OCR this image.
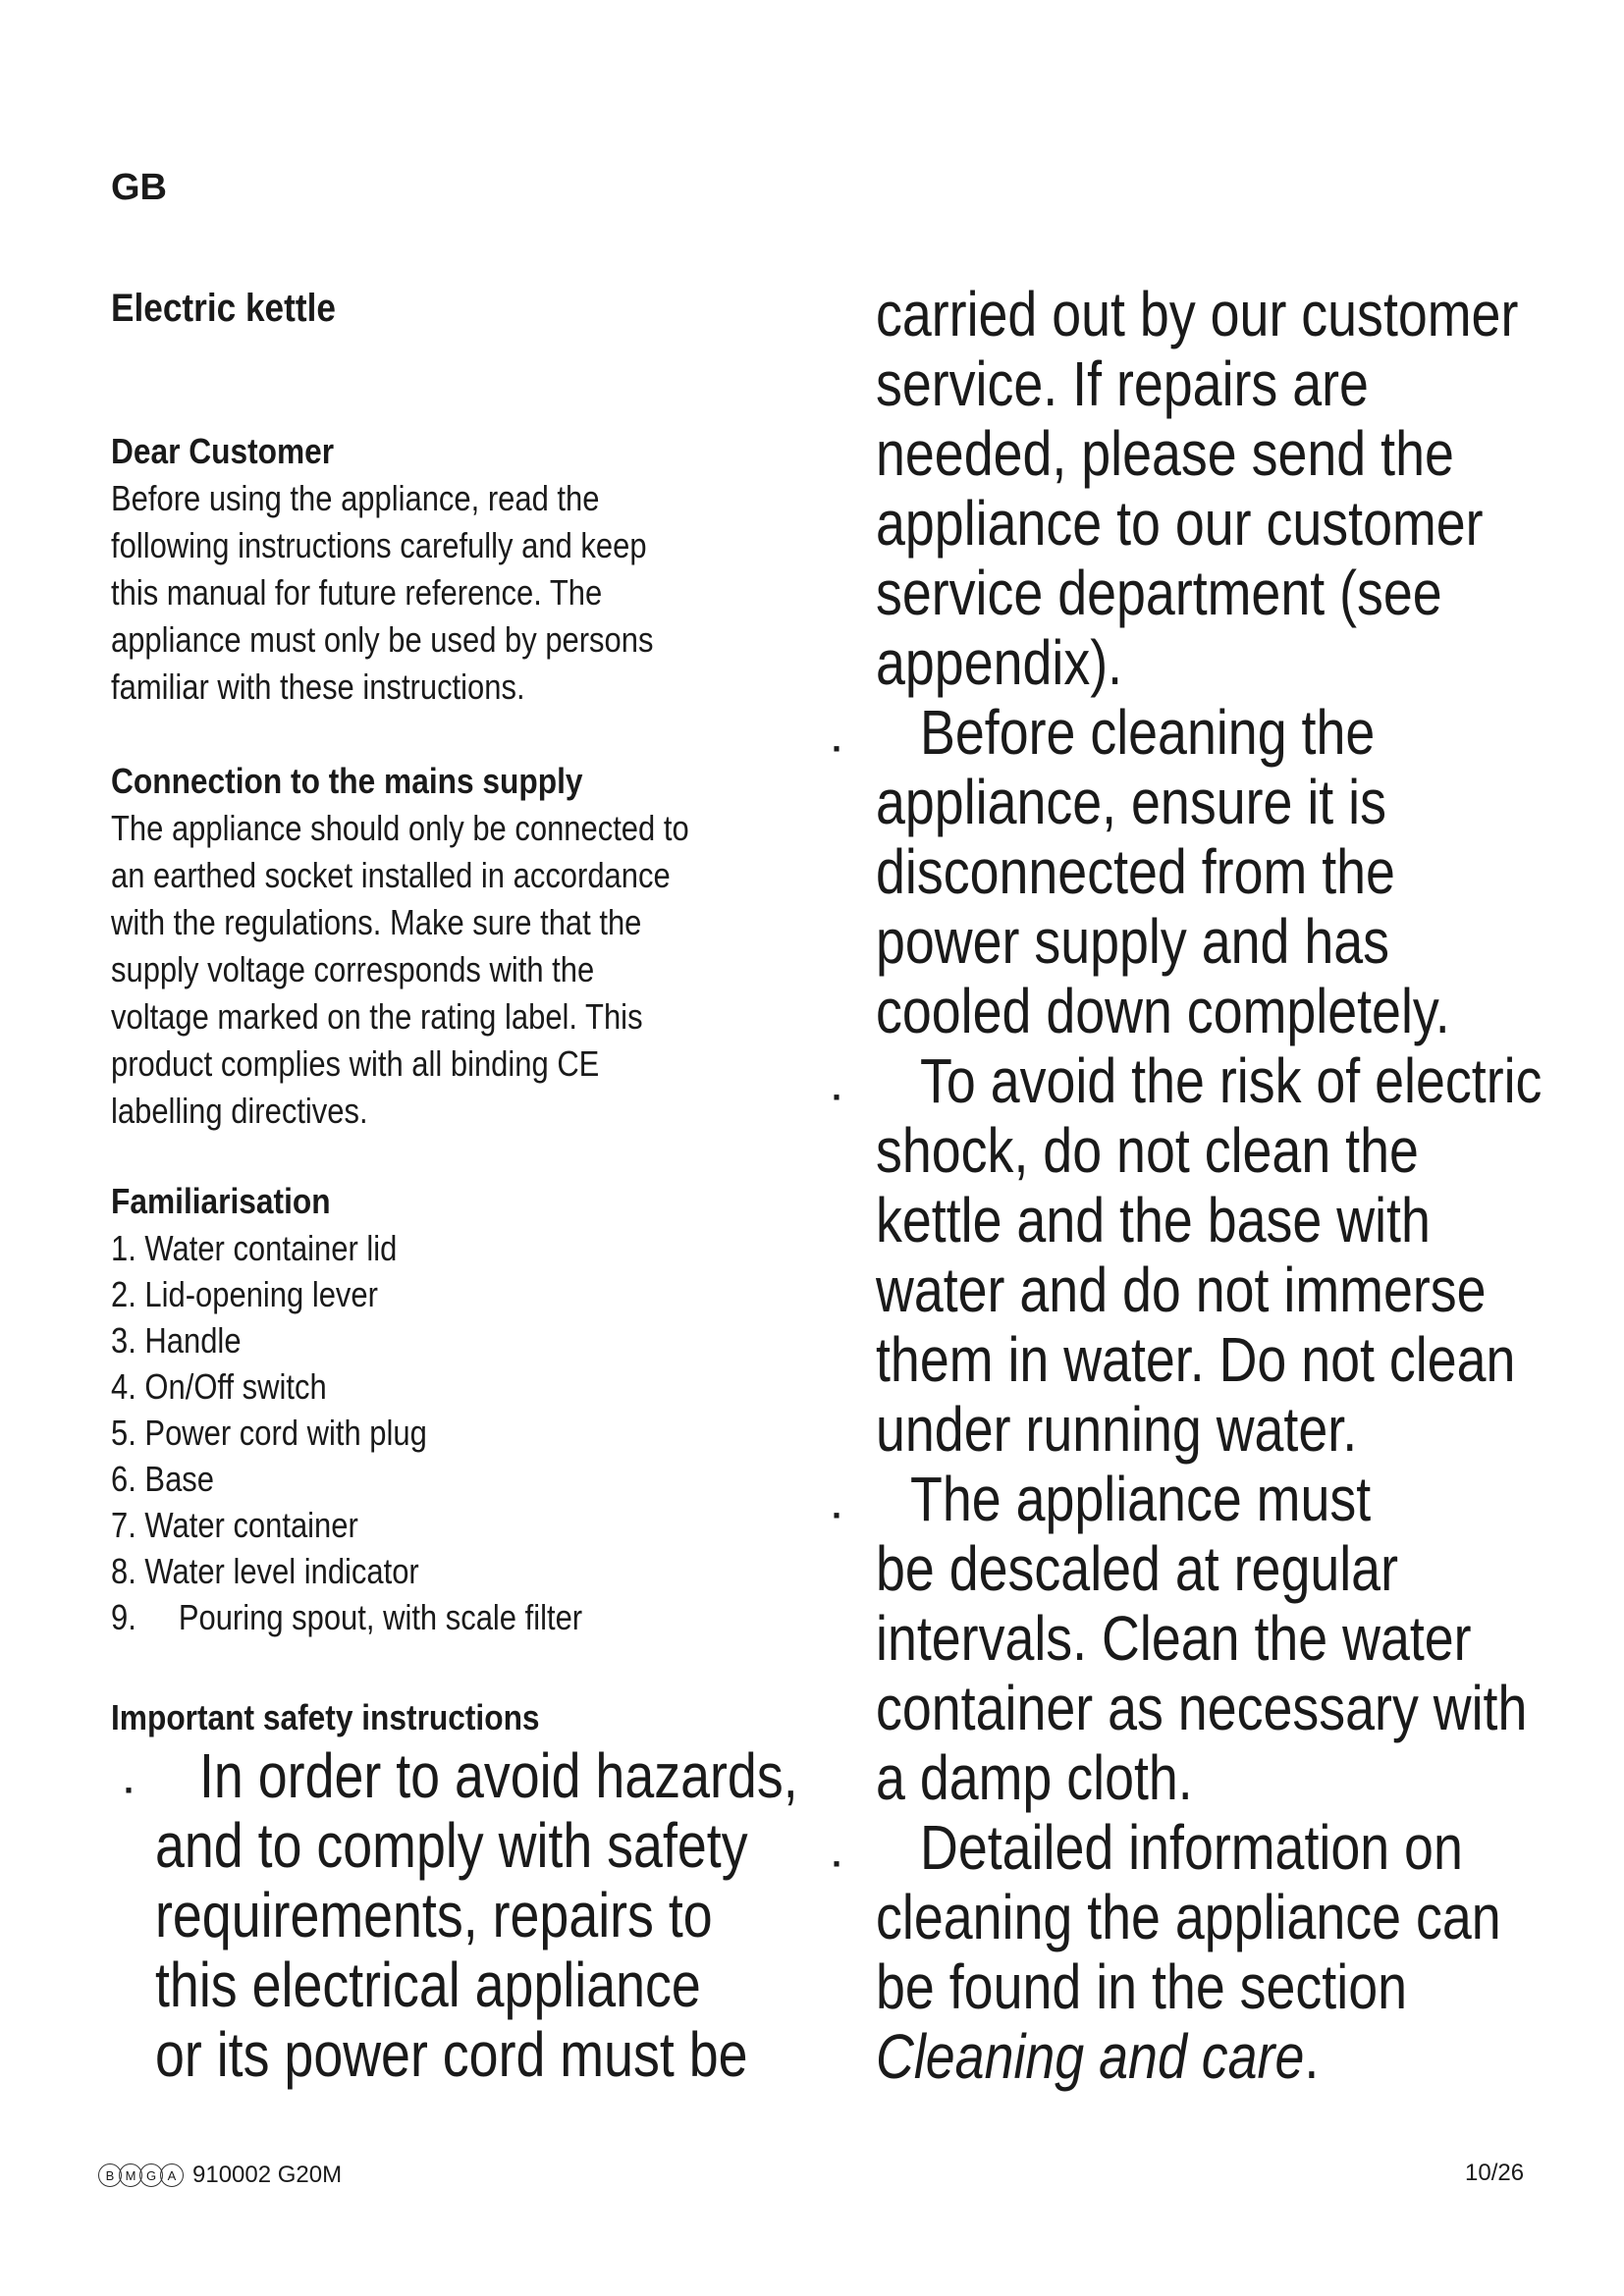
GB
Electric kettle
Dear Customer
Before using the appliance, read the
following instructions carefully and keep
this manual for future reference. The
appliance must only be used by persons
familiar with these instructions.
Connection to the mains supply
The appliance should only be connected to
an earthed socket installed in accordance
with the regulations. Make sure that the
supply voltage corresponds with the
voltage marked on the rating label. This
product complies with all binding CE
labelling directives.
Familiarisation
1. Water container lid
2. Lid-opening lever
3. Handle
4. On/Off switch
5. Power cord with plug
6. Base
7. Water container
8. Water level indicator
9.     Pouring spout, with scale filter
Important safety instructions
·	In order to avoid hazards,
and to comply with safety
requirements, repairs to
this electrical appliance
or its power cord must be
carried out by our customer
service. If repairs are
needed, please send the
appliance to our customer
service department (see
appendix).
·	Before cleaning the
appliance, ensure it is
disconnected from the
power supply and has
cooled down completely.
·	To avoid the risk of electric
shock, do not clean the
kettle and the base with
water and do not immerse
them in water. Do not clean
under running water.
·	The appliance must
be descaled at regular
intervals. Clean the water
container as necessary with
a damp cloth.
·	Detailed information on
cleaning the appliance can
be found in the section
Cleaning and care.
B M G A 910002 G20M	10/26
